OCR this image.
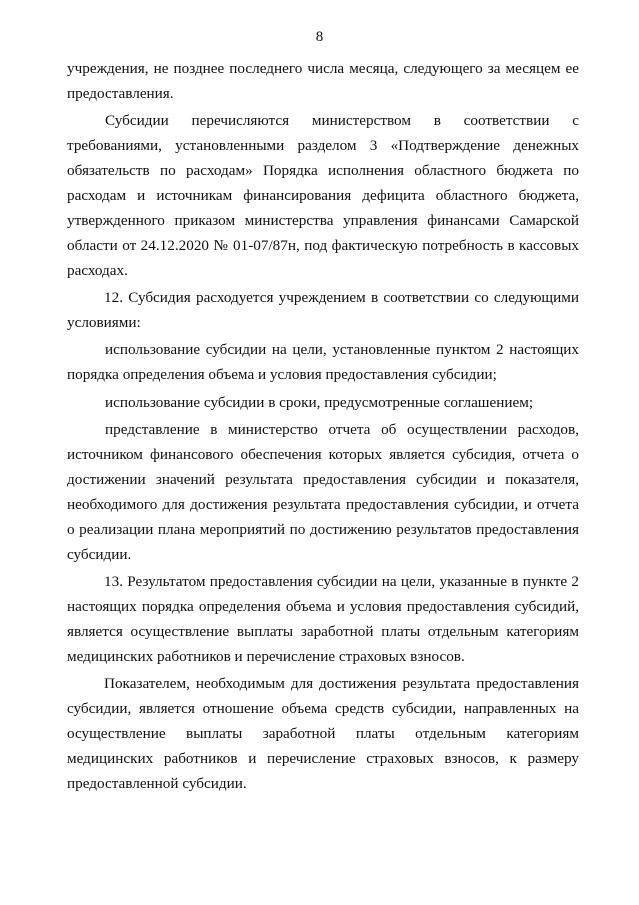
8

учреждения, не позднее последнего числа месяца, следующего за месяцем ее предоставления.

Субсидии перечисляются министерством в соответствии с требованиями, установленными разделом 3 «Подтверждение денежных обязательств по расходам» Порядка исполнения областного бюджета по расходам и источникам финансирования дефицита областного бюджета, утвержденного приказом министерства управления финансами Самарской области от 24.12.2020 № 01-07/87н, под фактическую потребность в кассовых расходах.

12. Субсидия расходуется учреждением в соответствии со следующими условиями:

использование субсидии на цели, установленные пунктом 2 настоящих порядка определения объема и условия предоставления субсидии;

использование субсидии в сроки, предусмотренные соглашением;

представление в министерство отчета об осуществлении расходов, источником финансового обеспечения которых является субсидия, отчета о достижении значений результата предоставления субсидии и показателя, необходимого для достижения результата предоставления субсидии, и отчета о реализации плана мероприятий по достижению результатов предоставления субсидии.

13. Результатом предоставления субсидии на цели, указанные в пункте 2 настоящих порядка определения объема и условия предоставления субсидий, является осуществление выплаты заработной платы отдельным категориям медицинских работников и перечисление страховых взносов.

Показателем, необходимым для достижения результата предоставления субсидии, является отношение объема средств субсидии, направленных на осуществление выплаты заработной платы отдельным категориям медицинских работников и перечисление страховых взносов, к размеру предоставленной субсидии.
